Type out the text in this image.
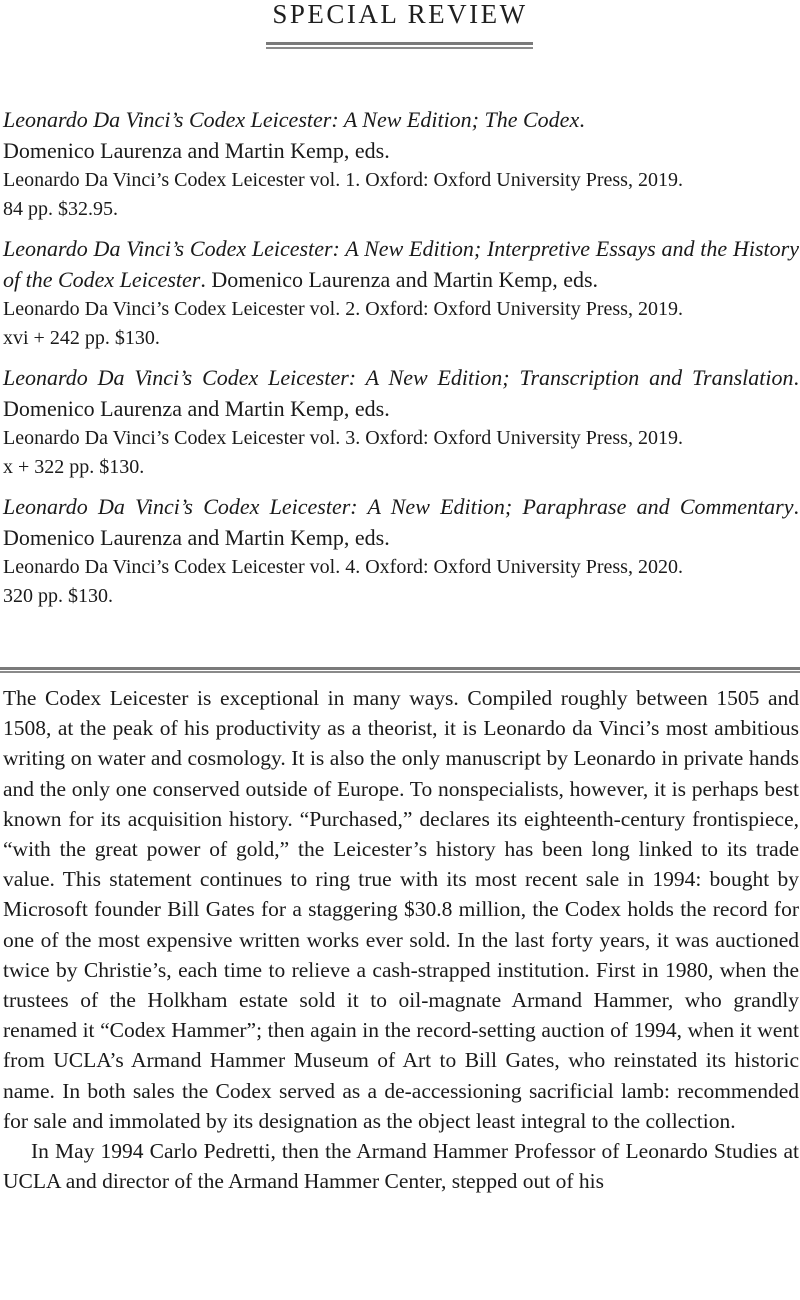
SPECIAL REVIEW
Leonardo Da Vinci’s Codex Leicester: A New Edition; The Codex.
Domenico Laurenza and Martin Kemp, eds.
Leonardo Da Vinci’s Codex Leicester vol. 1. Oxford: Oxford University Press, 2019.
84 pp. $32.95.
Leonardo Da Vinci’s Codex Leicester: A New Edition; Interpretive Essays and the History of the Codex Leicester. Domenico Laurenza and Martin Kemp, eds.
Leonardo Da Vinci’s Codex Leicester vol. 2. Oxford: Oxford University Press, 2019.
xvi + 242 pp. $130.
Leonardo Da Vinci’s Codex Leicester: A New Edition; Transcription and Translation. Domenico Laurenza and Martin Kemp, eds.
Leonardo Da Vinci’s Codex Leicester vol. 3. Oxford: Oxford University Press, 2019.
x + 322 pp. $130.
Leonardo Da Vinci’s Codex Leicester: A New Edition; Paraphrase and Commentary. Domenico Laurenza and Martin Kemp, eds.
Leonardo Da Vinci’s Codex Leicester vol. 4. Oxford: Oxford University Press, 2020.
320 pp. $130.

The Codex Leicester is exceptional in many ways. Compiled roughly between 1505 and 1508, at the peak of his productivity as a theorist, it is Leonardo da Vinci’s most ambitious writing on water and cosmology. It is also the only manuscript by Leonardo in private hands and the only one conserved outside of Europe. To nonspecialists, however, it is perhaps best known for its acquisition history. “Purchased,” declares its eighteenth-century frontispiece, “with the great power of gold,” the Leicester’s history has been long linked to its trade value. This statement continues to ring true with its most recent sale in 1994: bought by Microsoft founder Bill Gates for a staggering $30.8 million, the Codex holds the record for one of the most expensive written works ever sold. In the last forty years, it was auctioned twice by Christie’s, each time to relieve a cash-strapped institution. First in 1980, when the trustees of the Holkham estate sold it to oil-magnate Armand Hammer, who grandly renamed it “Codex Hammer”; then again in the record-setting auction of 1994, when it went from UCLA’s Armand Hammer Museum of Art to Bill Gates, who reinstated its historic name. In both sales the Codex served as a de-accessioning sacrificial lamb: recommended for sale and immolated by its designation as the object least integral to the collection.

In May 1994 Carlo Pedretti, then the Armand Hammer Professor of Leonardo Studies at UCLA and director of the Armand Hammer Center, stepped out of his
